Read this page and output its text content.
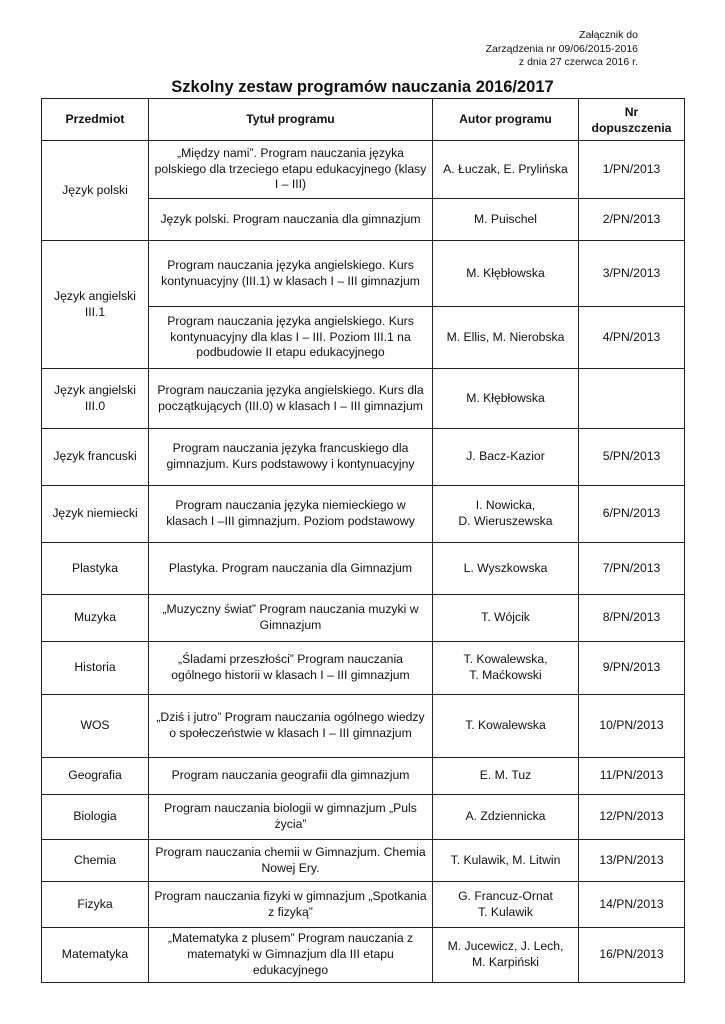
Załącznik do
Zarządzenia nr 09/06/2015-2016
z dnia 27 czerwca 2016 r.
Szkolny zestaw programów nauczania 2016/2017
Przedmiot	Tytuł programu	Autor programu	Nr
dopuszczenia

Język polski	„Między nami”. Program nauczania języka polskiego dla trzeciego etapu edukacyjnego (klasy I – III)	A. Łuczak, E. Prylińska	1/PN/2013
	Język polski. Program nauczania dla gimnazjum	M. Puischel	2/PN/2013
Język angielski III.1	Program nauczania języka angielskiego. Kurs kontynuacyjny (III.1) w klasach I – III gimnazjum	M. Kłębłowska	3/PN/2013
	Program nauczania języka angielskiego. Kurs kontynuacyjny dla klas I – III. Poziom III.1 na podbudowie II etapu edukacyjnego	M. Ellis, M. Nierobska	4/PN/2013
Język angielski III.0	Program nauczania języka angielskiego. Kurs dla początkujących (III.0) w klasach I – III gimnazjum	M. Kłębłowska	
Język francuski	Program nauczania języka francuskiego dla gimnazjum. Kurs podstawowy i kontynuacyjny	J. Bacz-Kazior	5/PN/2013
Język niemiecki	Program nauczania języka niemieckiego w klasach I –III gimnazjum. Poziom podstawowy	I. Nowicka,
D. Wieruszewska	6/PN/2013
Plastyka	Plastyka. Program nauczania dla Gimnazjum	L. Wyszkowska	7/PN/2013
Muzyka	„Muzyczny świat” Program nauczania muzyki w Gimnazjum	T. Wójcik	8/PN/2013
Historia	„Śladami przeszłości” Program nauczania ogólnego historii w klasach I – III gimnazjum	T. Kowalewska,
T. Maćkowski	9/PN/2013
WOS	„Dziś i jutro” Program nauczania ogólnego wiedzy o społeczeństwie w klasach I – III gimnazjum	T. Kowalewska	10/PN/2013
Geografia	Program nauczania geografii dla gimnazjum	E. M. Tuz	11/PN/2013
Biologia	Program nauczania biologii w gimnazjum „Puls życia”	A. Zdziennicka	12/PN/2013
Chemia	Program nauczania chemii w Gimnazjum. Chemia Nowej Ery.	T. Kulawik, M. Litwin	13/PN/2013
Fizyka	Program nauczania fizyki w gimnazjum „Spotkania z fizyką”	G. Francuz-Ornat
T. Kulawik	14/PN/2013
Matematyka	„Matematyka z plusem” Program nauczania z matematyki w Gimnazjum dla III etapu edukacyjnego	M. Jucewicz, J. Lech,
M. Karpiński	16/PN/2013
